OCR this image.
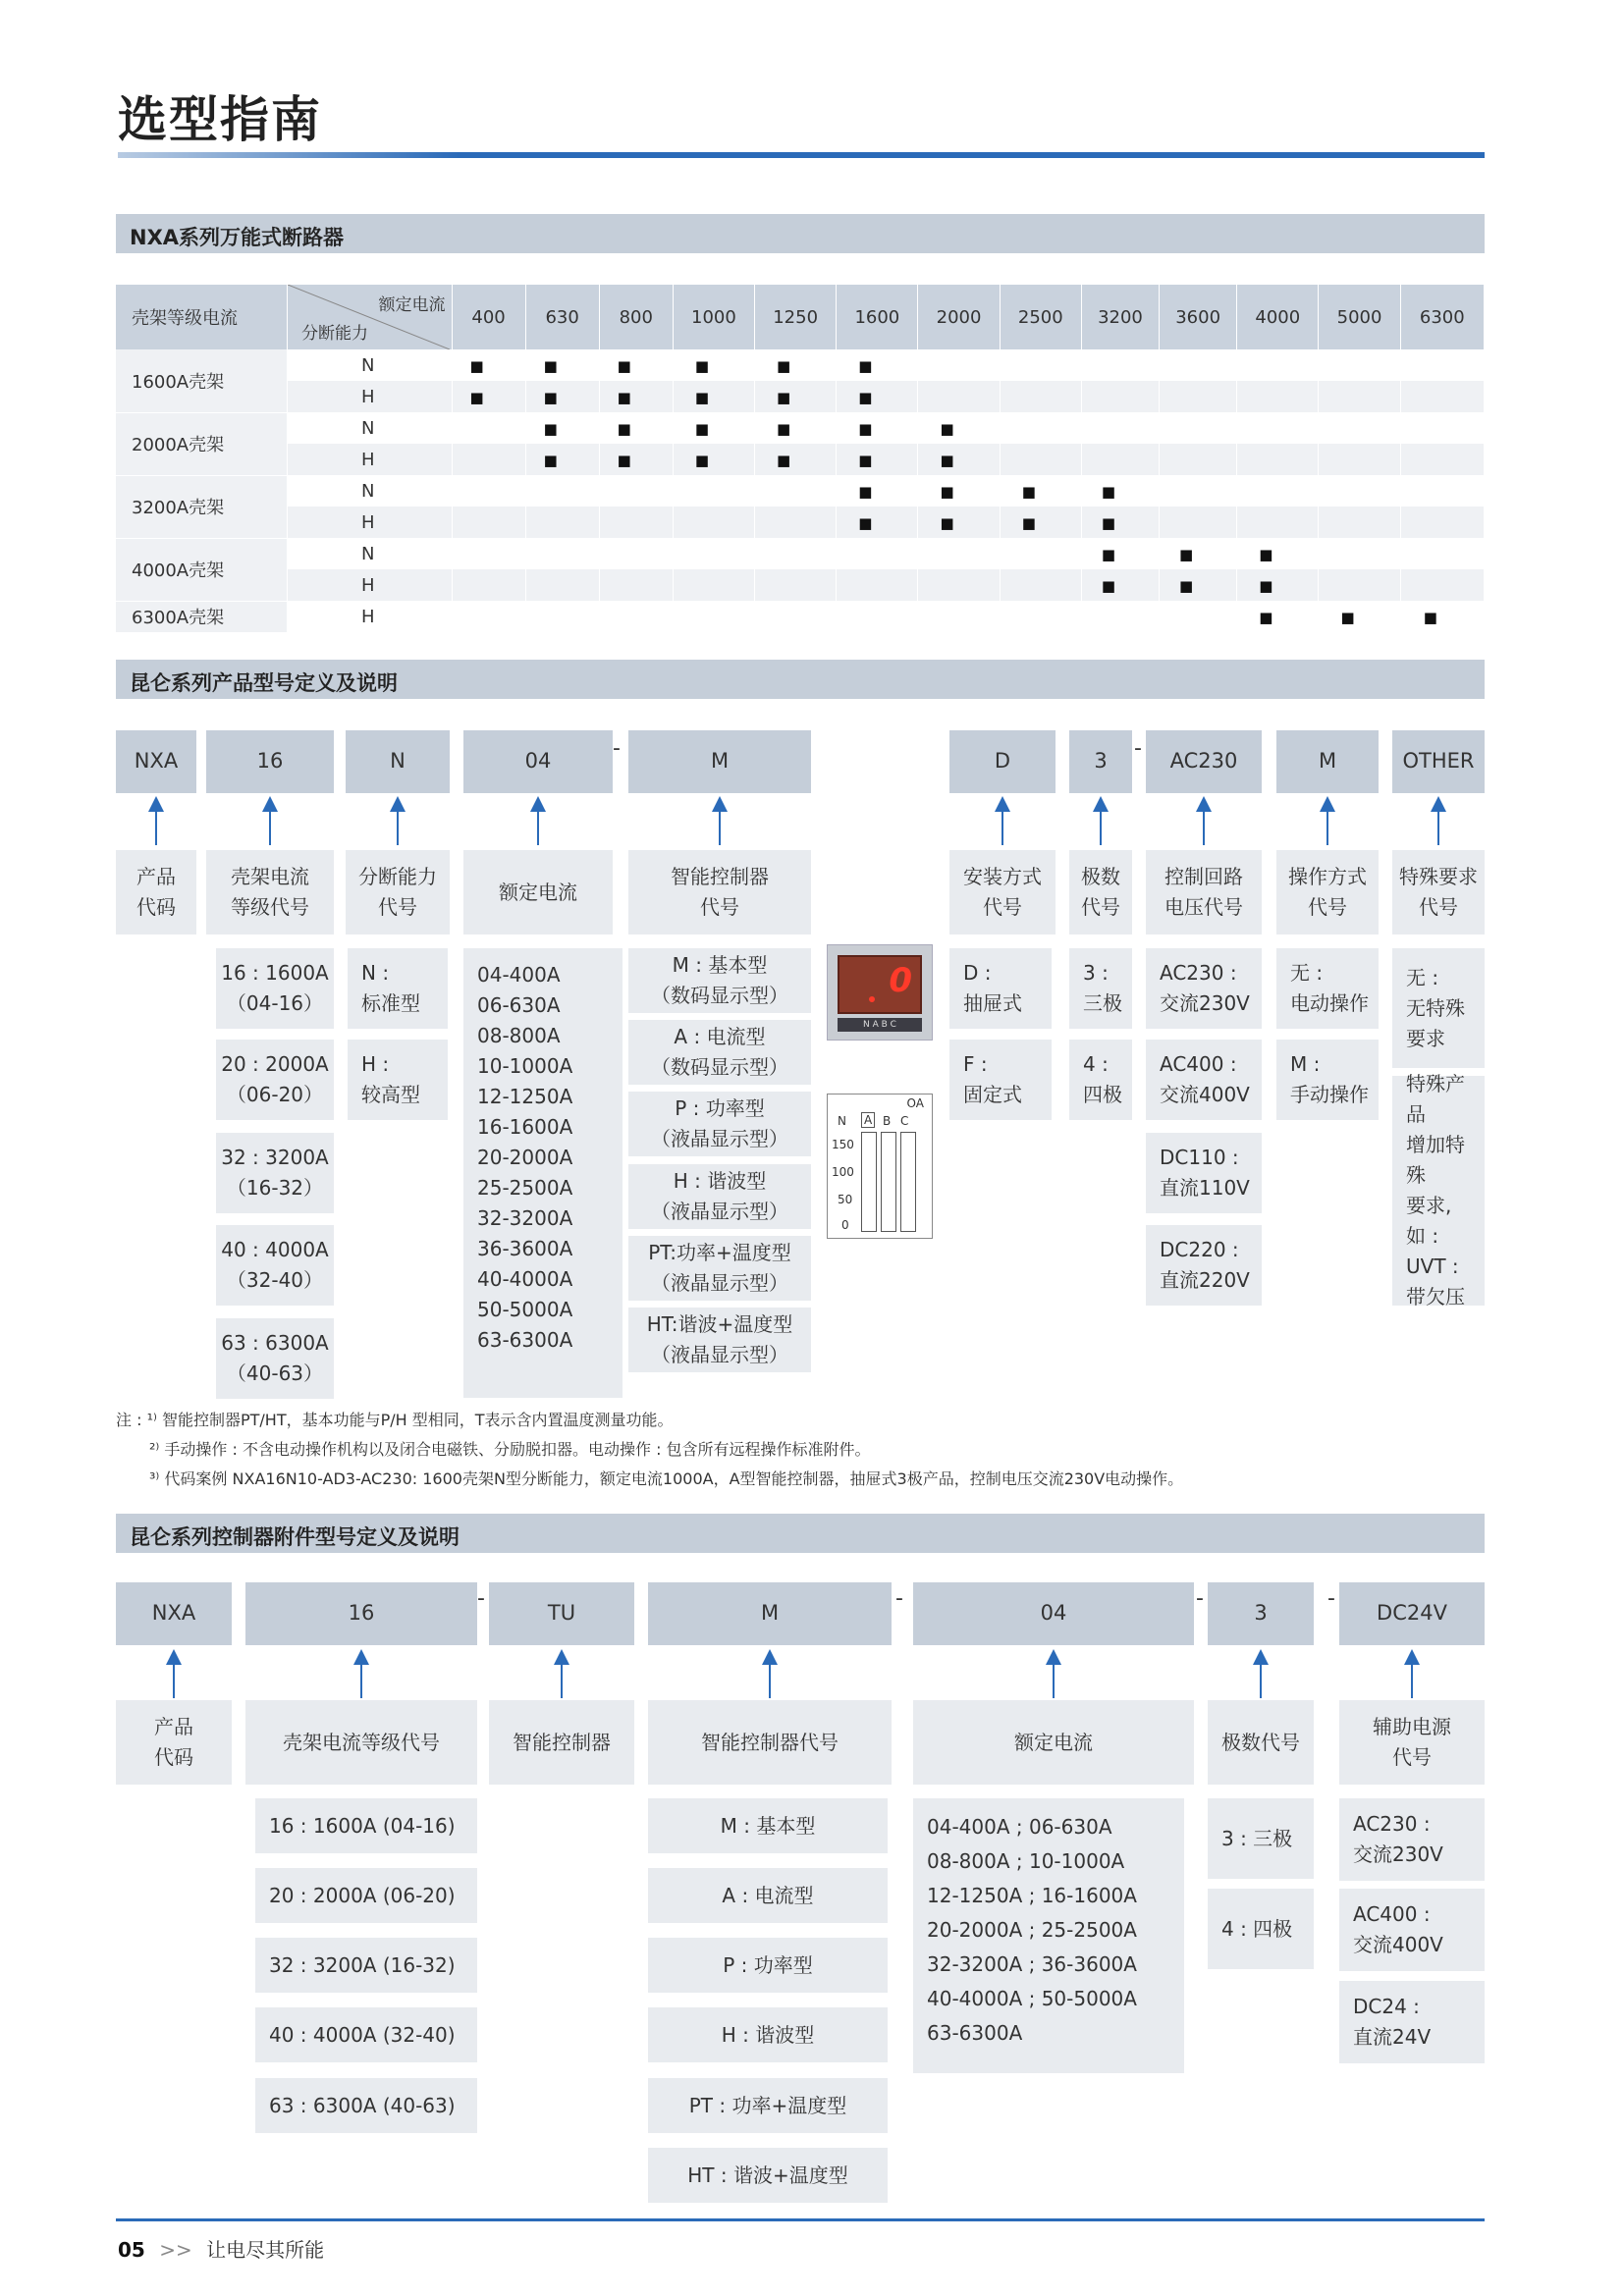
选型指南
NXA系列万能式断路器
壳架等级电流	额定电流
分断能力	400	630	800	1000	1250	1600	2000	2500	3200	3600	4000	5000	6300
1600A壳架	N	■	■	■	■	■	■							
	H	■	■	■	■	■	■							
2000A壳架	N		■	■	■	■	■	■						
	H		■	■	■	■	■	■						
3200A壳架	N						■	■	■	■				
	H						■	■	■	■				
4000A壳架	N									■	■	■		
	H									■	■	■		
6300A壳架	H											■	■	■
昆仑系列产品型号定义及说明
NXA
产品
代码
16
壳架电流
等级代号
N
分断能力
代号
04
额定电流
M
智能控制器
代号
D
安装方式
代号
3
极数
代号
AC230
控制回路
电压代号
M
操作方式
代号
OTHER
特殊要求
代号
-	-
16 : 1600A
（04-16）
20 : 2000A
（06-20）
32 : 3200A
（16-32）
40 : 4000A
（32-40）
63 : 6300A
（40-63）
N :
标准型
H :
较高型
04-400A
06-630A
08-800A
10-1000A
12-1250A
16-1600A
20-2000A
25-2500A
32-3200A
36-3600A
40-4000A
50-5000A
63-6300A
M : 基本型
（数码显示型）
A : 电流型
（数码显示型）
P : 功率型
（液晶显示型）
H : 谐波型
（液晶显示型）
PT:功率+温度型
（液晶显示型）
HT:谐波+温度型
（液晶显示型）
D :
抽屉式
F :
固定式
3 :
三极
4 :
四极
AC230 :
交流230V
AC400 :
交流400V
DC110 :
直流110V
DC220 :
直流220V
无 :
电动操作
M :
手动操作
无 :
无特殊
要求
特殊产品
增加特殊
要求,
如 :
UVT :
带欠压
0
N A B C
OA
N A B C
150
100
50
0
注 : ¹⁾ 智能控制器PT/HT，基本功能与P/H 型相同，T表示含内置温度测量功能。
²⁾ 手动操作 : 不含电动操作机构以及闭合电磁铁、分励脱扣器。电动操作 : 包含所有远程操作标准附件。
³⁾ 代码案例 NXA16N10-AD3-AC230: 1600壳架N型分断能力，额定电流1000A，A型智能控制器，抽屉式3极产品，控制电压交流230V电动操作。
昆仑系列控制器附件型号定义及说明
NXA
产品
代码
16
壳架电流等级代号
TU
智能控制器
M
智能控制器代号
04
额定电流
3
极数代号
DC24V
辅助电源
代号
-	-	-	-
16 : 1600A (04-16)
20 : 2000A (06-20)
32 : 3200A (16-32)
40 : 4000A (32-40)
63 : 6300A (40-63)
M : 基本型
A : 电流型
P : 功率型
H : 谐波型
PT : 功率+温度型
HT : 谐波+温度型
04-400A ; 06-630A
08-800A ; 10-1000A
12-1250A ; 16-1600A
20-2000A ; 25-2500A
32-3200A ; 36-3600A
40-4000A ; 50-5000A
63-6300A
3 : 三极
4 : 四极
AC230 :
交流230V
AC400 :
交流400V
DC24 :
直流24V
05 >> 让电尽其所能
